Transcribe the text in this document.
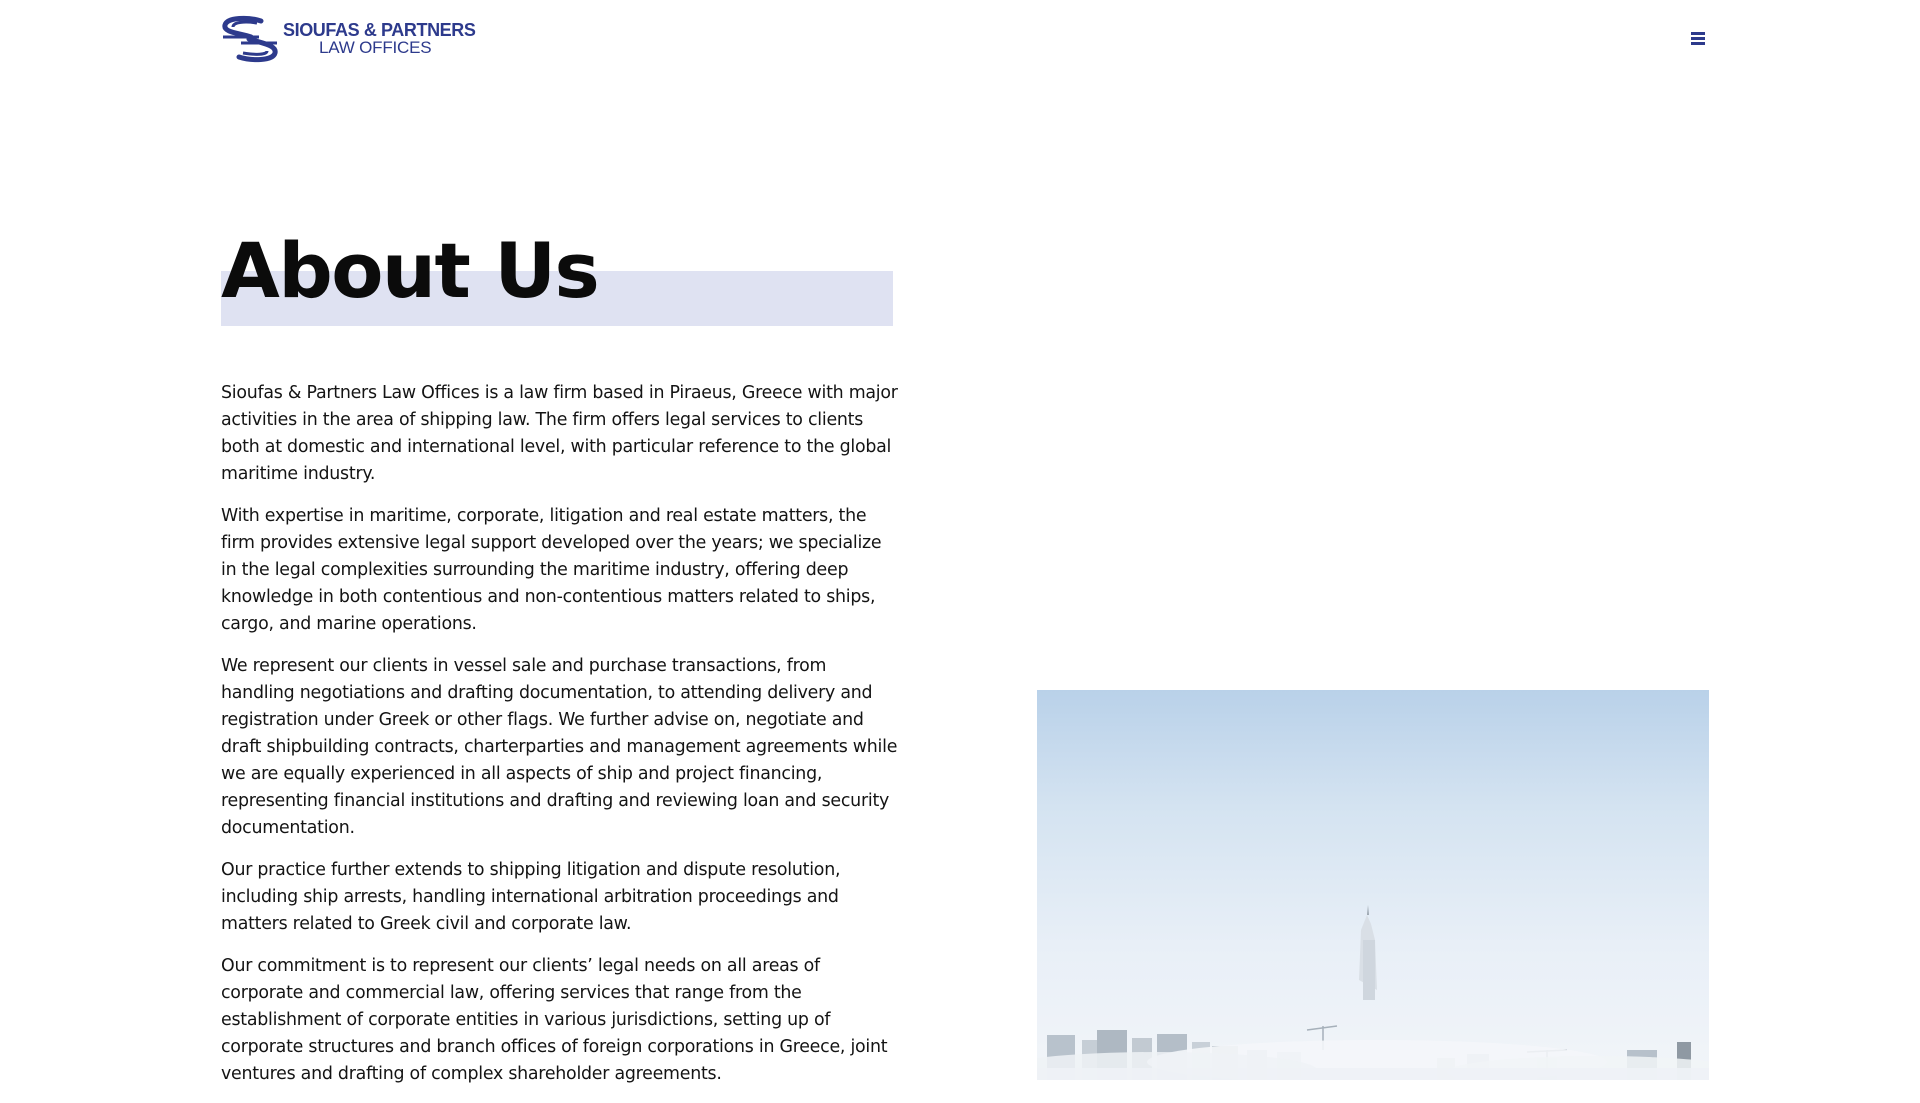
SIOUFAS & PARTNERS
LAW OFFICES
About Us

Sioufas & Partners Law Offices is a law firm based in Piraeus, Greece with major activities in the area of shipping law. The firm offers legal services to clients both at domestic and international level, with particular reference to the global maritime industry.

With expertise in maritime, corporate, litigation and real estate matters, the firm provides extensive legal support developed over the years; we specialize in the legal complexities surrounding the maritime industry, offering deep knowledge in both contentious and non-contentious matters related to ships, cargo, and marine operations.

We represent our clients in vessel sale and purchase transactions, from handling negotiations and drafting documentation, to attending delivery and registration under Greek or other flags. We further advise on, negotiate and draft shipbuilding contracts, charterparties and management agreements while we are equally experienced in all aspects of ship and project financing, representing financial institutions and drafting and reviewing loan and security documentation.

Our practice further extends to shipping litigation and dispute resolution, including ship arrests, handling international arbitration proceedings and matters related to Greek civil and corporate law.

Our commitment is to represent our clients’ legal needs on all areas of corporate and commercial law, offering services that range from the establishment of corporate entities in various jurisdictions, setting up of corporate structures and branch offices of foreign corporations in Greece, joint ventures and drafting of complex shareholder agreements.
